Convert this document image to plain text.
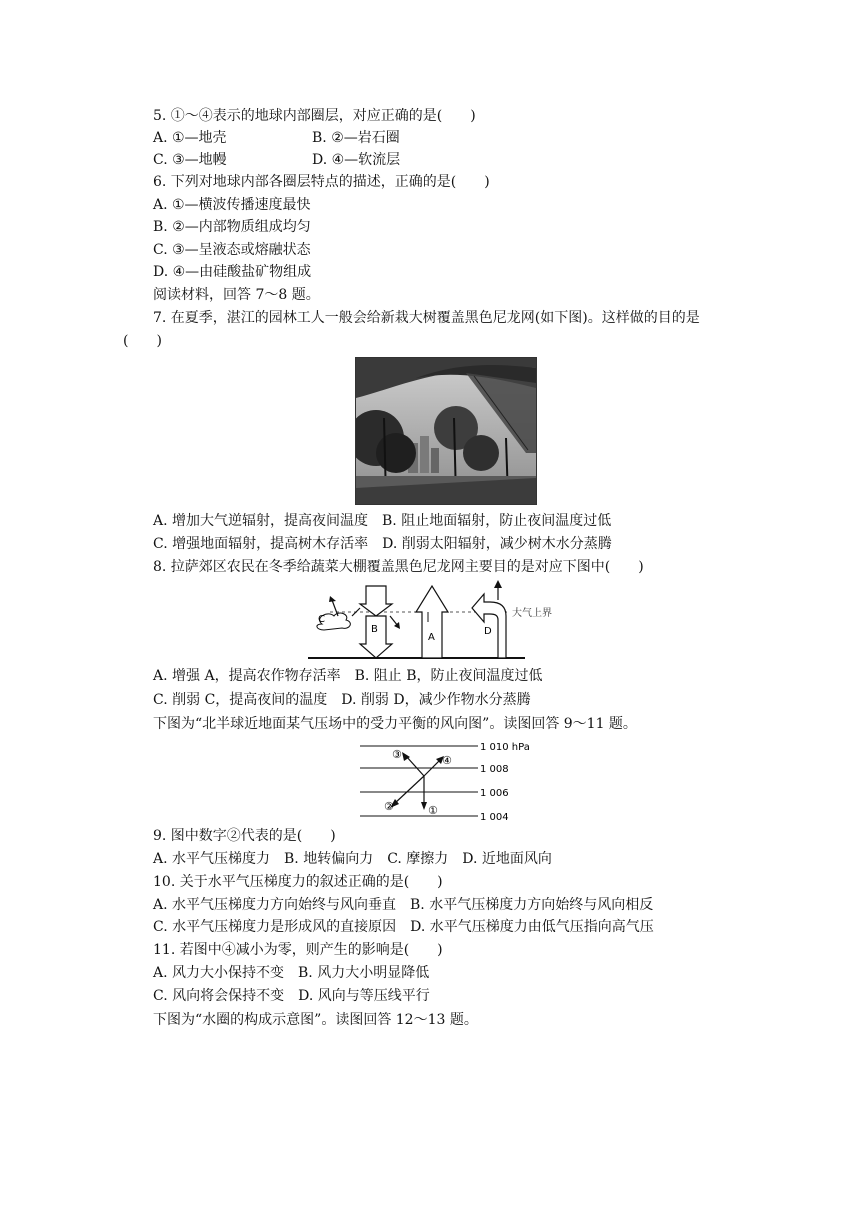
5. ①～④表示的地球内部圈层，对应正确的是(　　)
A. ①—地壳	B. ②—岩石圈
C. ③—地幔	D. ④—软流层
6. 下列对地球内部各圈层特点的描述，正确的是(　　)
A. ①—横波传播速度最快
B. ②—内部物质组成均匀
C. ③—呈液态或熔融状态
D. ④—由硅酸盐矿物组成
阅读材料，回答 7～8 题。
7. 在夏季，湛江的园林工人一般会给新栽大树覆盖黑色尼龙网(如下图)。这样做的目的是
(　　)
A. 增加大气逆辐射，提高夜间温度　B. 阻止地面辐射，防止夜间温度过低
C. 增强地面辐射，提高树木存活率　D. 削弱太阳辐射，减少树木水分蒸腾
8. 拉萨郊区农民在冬季给蔬菜大棚覆盖黑色尼龙网主要目的是对应下图中(　　)
大气上界
B
C
A
D
A. 增强 A，提高农作物存活率　B. 阻止 B，防止夜间温度过低
C. 削弱 C，提高夜间的温度　D. 削弱 D，减少作物水分蒸腾
下图为“北半球近地面某气压场中的受力平衡的风向图”。读图回答 9～11 题。
1 010 hPa
1 008
1 006
1 004
①
②
③	④
9. 图中数字②代表的是(　　)
A. 水平气压梯度力　B. 地转偏向力　C. 摩擦力　D. 近地面风向
10. 关于水平气压梯度力的叙述正确的是(　　)
A. 水平气压梯度力方向始终与风向垂直　B. 水平气压梯度力方向始终与风向相反
C. 水平气压梯度力是形成风的直接原因　D. 水平气压梯度力由低气压指向高气压
11. 若图中④减小为零，则产生的影响是(　　)
A. 风力大小保持不变　B. 风力大小明显降低
C. 风向将会保持不变　D. 风向与等压线平行
下图为“水圈的构成示意图”。读图回答 12～13 题。
